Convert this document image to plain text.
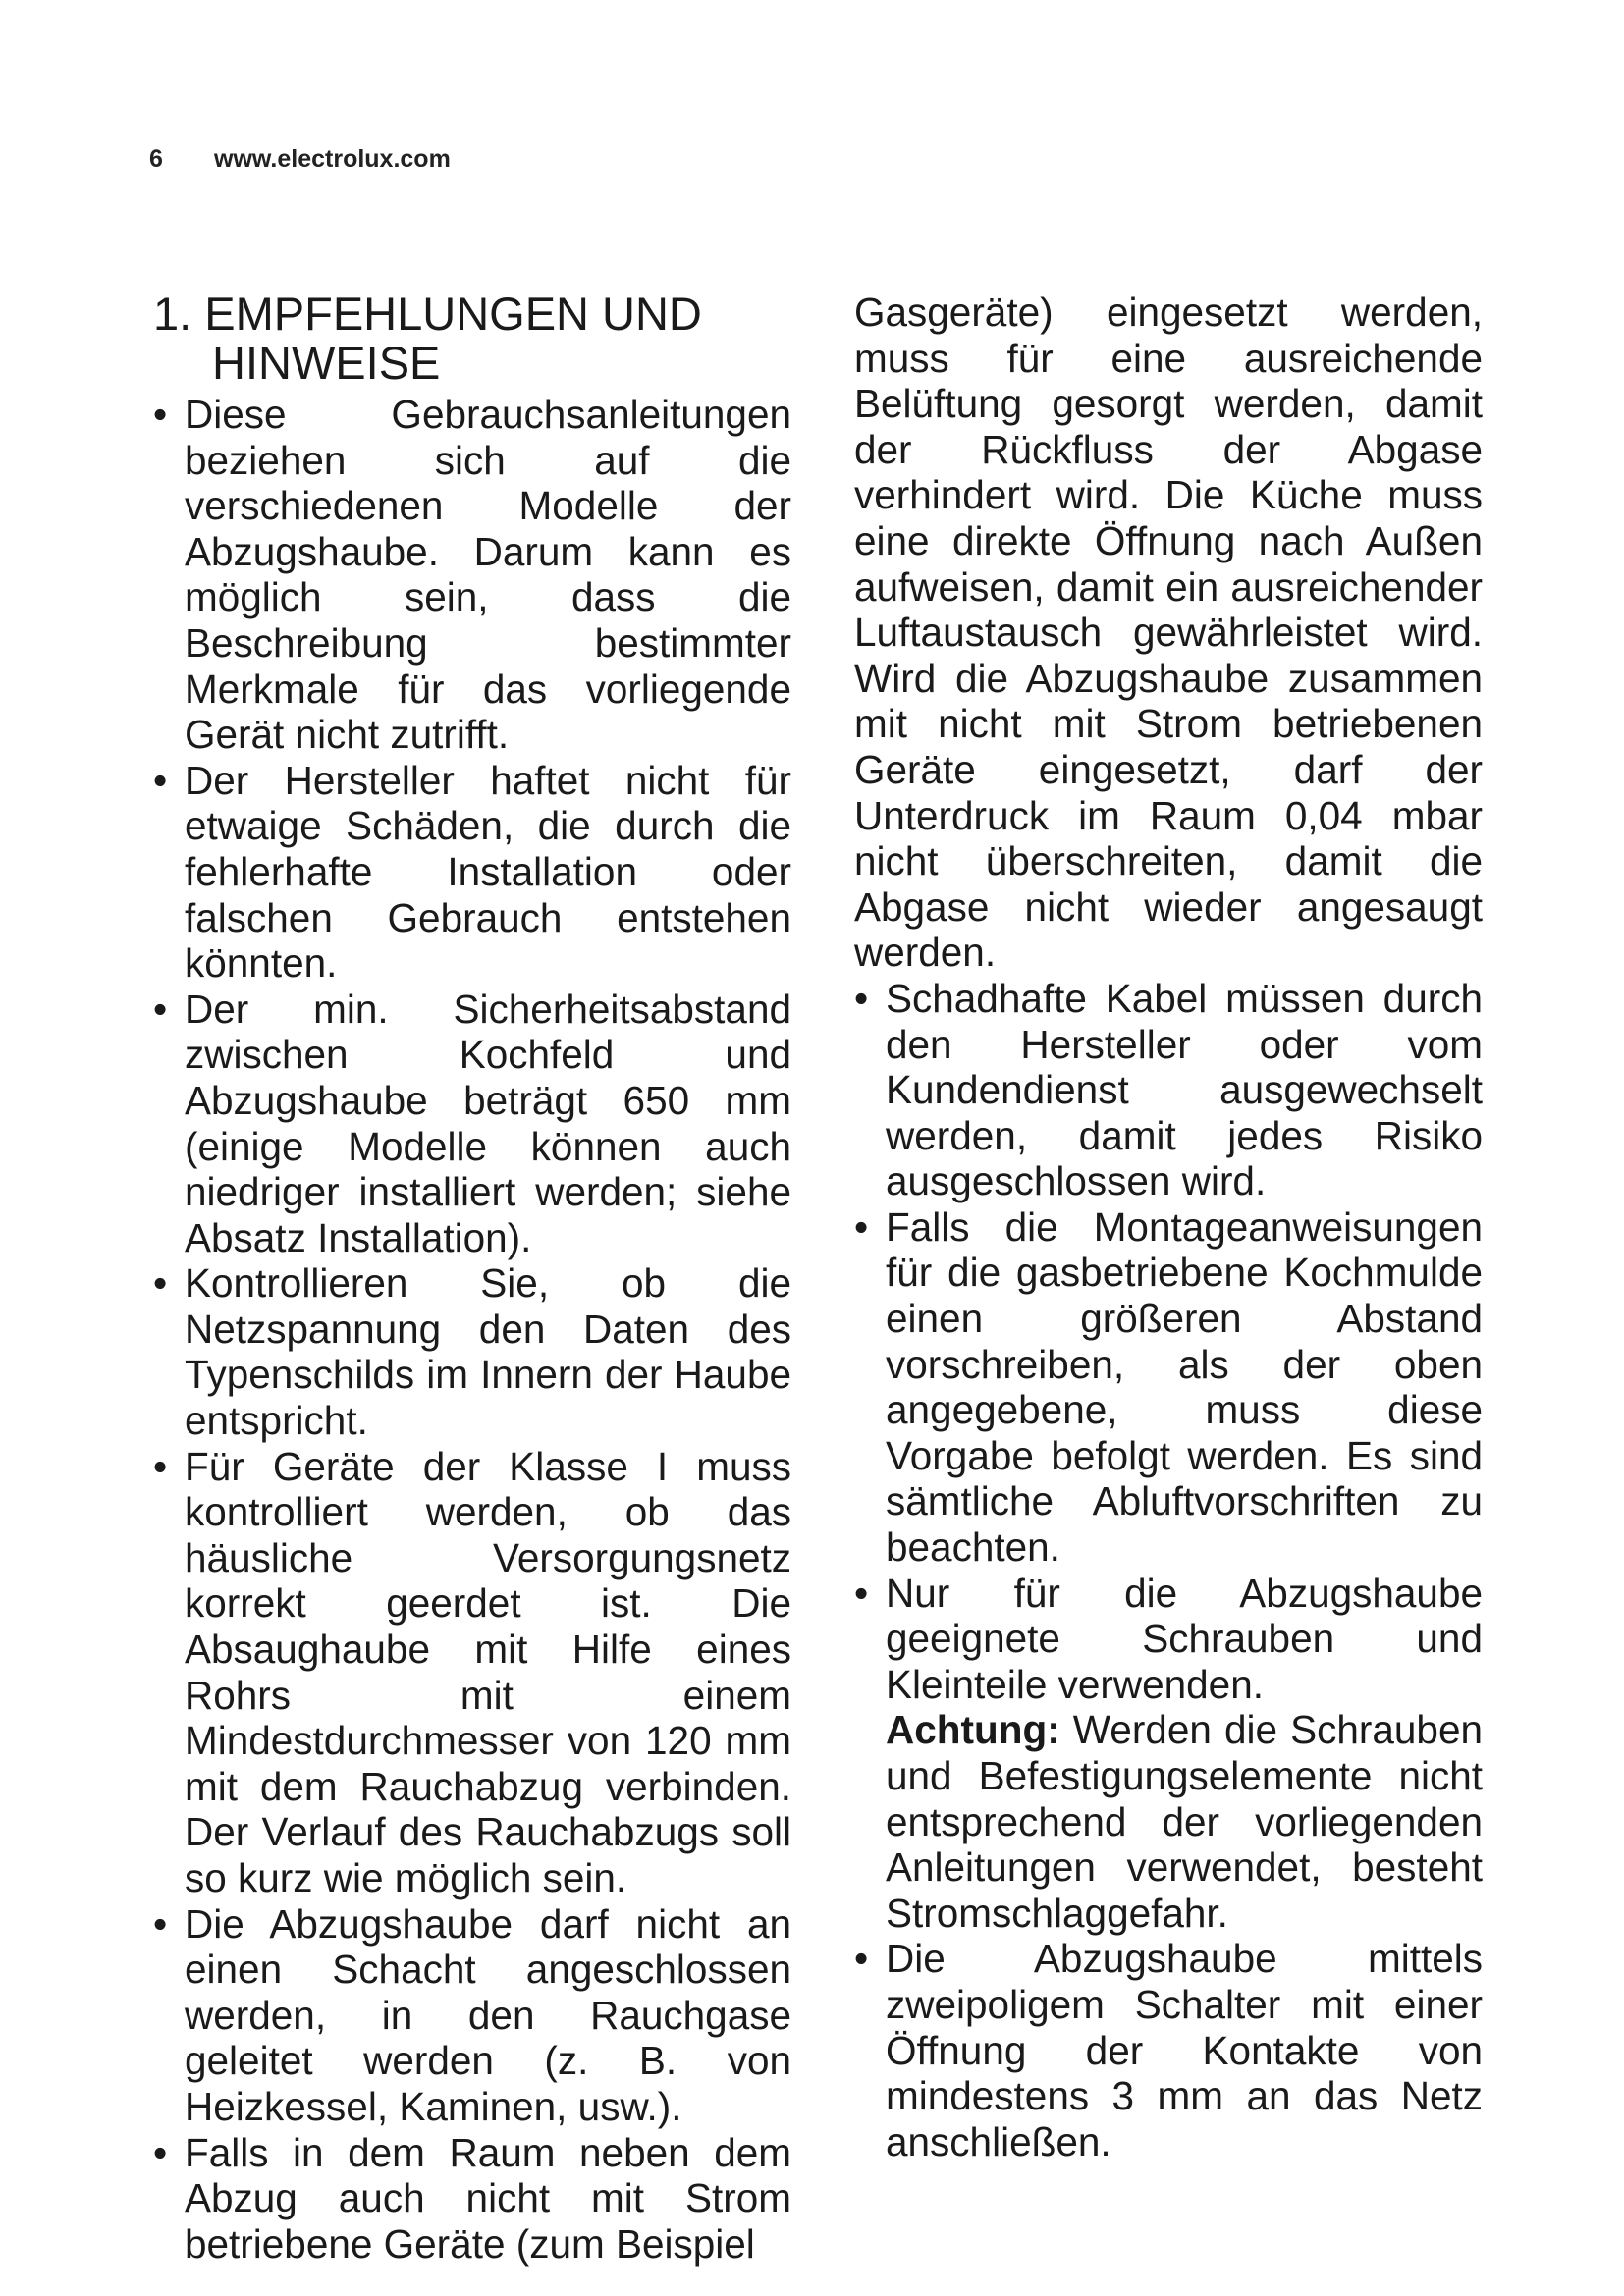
6 www.electrolux.com
1. EMPFEHLUNGEN UND HINWEISE
• Diese Gebrauchsanleitungen beziehen sich auf die verschiedenen Modelle der Abzugshaube. Darum kann es möglich sein, dass die Beschreibung bestimmter Merkmale für das vorliegende Gerät nicht zutrifft.
• Der Hersteller haftet nicht für etwaige Schäden, die durch die fehlerhafte Installation oder falschen Gebrauch entstehen könnten.
• Der min. Sicherheitsabstand zwischen Kochfeld und Abzugshaube beträgt 650 mm (einige Modelle können auch niedriger installiert werden; siehe Absatz Installation).
• Kontrollieren Sie, ob die Netzspannung den Daten des Typenschilds im Innern der Haube entspricht.
• Für Geräte der Klasse I muss kontrolliert werden, ob das häusliche Versorgungsnetz korrekt geerdet ist. Die Absaughaube mit Hilfe eines Rohrs mit einem Mindestdurchmesser von 120 mm mit dem Rauchabzug verbinden. Der Verlauf des Rauchabzugs soll so kurz wie möglich sein.
• Die Abzugshaube darf nicht an einen Schacht angeschlossen werden, in den Rauchgase geleitet werden (z. B. von Heizkessel, Kaminen, usw.).
• Falls in dem Raum neben dem Abzug auch nicht mit Strom betriebene Geräte (zum Beispiel

Gasgeräte) eingesetzt werden, muss für eine ausreichende Belüftung gesorgt werden, damit der Rückfluss der Abgase verhindert wird. Die Küche muss eine direkte Öffnung nach Außen aufweisen, damit ein ausreichender Luftaustausch gewährleistet wird. Wird die Abzugshaube zusammen mit nicht mit Strom betriebenen Geräte eingesetzt, darf der Unterdruck im Raum 0,04 mbar nicht überschreiten, damit die Abgase nicht wieder angesaugt werden.

• Schadhafte Kabel müssen durch den Hersteller oder vom Kundendienst ausgewechselt werden, damit jedes Risiko ausgeschlossen wird.
• Falls die Montageanweisungen für die gasbetriebene Kochmulde einen größeren Abstand vorschreiben, als der oben angegebene, muss diese Vorgabe befolgt werden. Es sind sämtliche Abluftvorschriften zu beachten.
• Nur für die Abzugshaube geeignete Schrauben und Kleinteile verwenden.

Achtung: Werden die Schrauben und Befestigungselemente nicht entsprechend der vorliegenden Anleitungen verwendet, besteht Stromschlaggefahr.

• Die Abzugshaube mittels zweipoligem Schalter mit einer Öffnung der Kontakte von mindestens 3 mm an das Netz anschließen.
